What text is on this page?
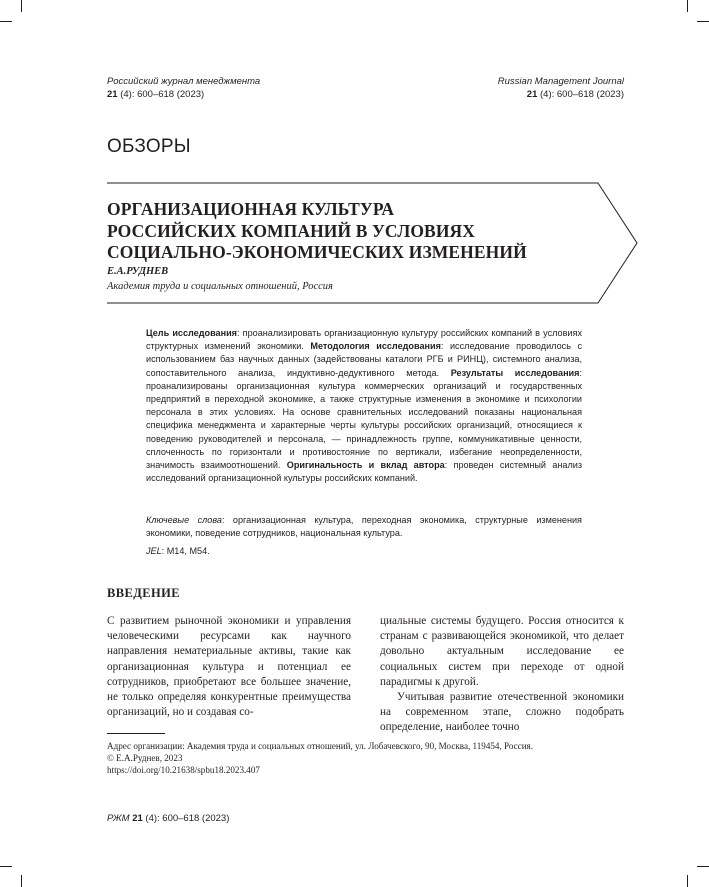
Российский журнал менеджмента
21 (4): 600–618 (2023)
Russian Management Journal
21 (4): 600–618 (2023)
ОБЗОРЫ
ОРГАНИЗАЦИОННАЯ КУЛЬТУРА
РОССИЙСКИХ КОМПАНИЙ В УСЛОВИЯХ
СОЦИАЛЬНО-ЭКОНОМИЧЕСКИХ ИЗМЕНЕНИЙ
Е.А.РУДНЕВ
Академия труда и социальных отношений, Россия

Цель исследования: проанализировать организационную культуру российских компаний в условиях структурных изменений экономики. Методология исследования: исследование проводилось с использованием баз научных данных (задействованы каталоги РГБ и РИНЦ), системного анализа, сопоставительного анализа, индуктивно-дедуктивного метода. Результаты исследования: проанализированы организационная культура коммерческих организаций и государственных предприятий в переходной экономике, а также структурные изменения в экономике и психологии персонала в этих условиях. На основе сравнительных исследований показаны национальная специфика менеджмента и характерные черты культуры российских организаций, относящиеся к поведению руководителей и персонала, — принадлежность группе, коммуникативные ценности, сплоченность по горизонтали и противостояние по вертикали, избегание неопределенности, значимость взаимоотношений. Оригинальность и вклад автора: проведен системный анализ исследований организационной культуры российских компаний.

Ключевые слова: организационная культура, переходная экономика, структурные изменения экономики, поведение сотрудников, национальная культура.
JEL: M14, M54.
ВВЕДЕНИЕ

С развитием рыночной экономики и управления человеческими ресурсами как научного направления нематериальные активы, такие как организационная культура и потенциал ее сотрудников, приобретают все большее значение, не только определяя конкурентные преимущества организаций, но и создавая со-

циальные системы будущего. Россия относится к странам с развивающейся экономикой, что делает довольно актуальным исследование ее социальных систем при переходе от одной парадигмы к другой.

Учитывая развитие отечественной экономики на современном этапе, сложно подобрать определение, наиболее точно

Адрес организации: Академия труда и социальных отношений, ул. Лобачевского, 90, Москва, 119454, Россия.
© Е.А.Руднев, 2023
https://doi.org/10.21638/spbu18.2023.407
РЖМ 21 (4): 600–618 (2023)
